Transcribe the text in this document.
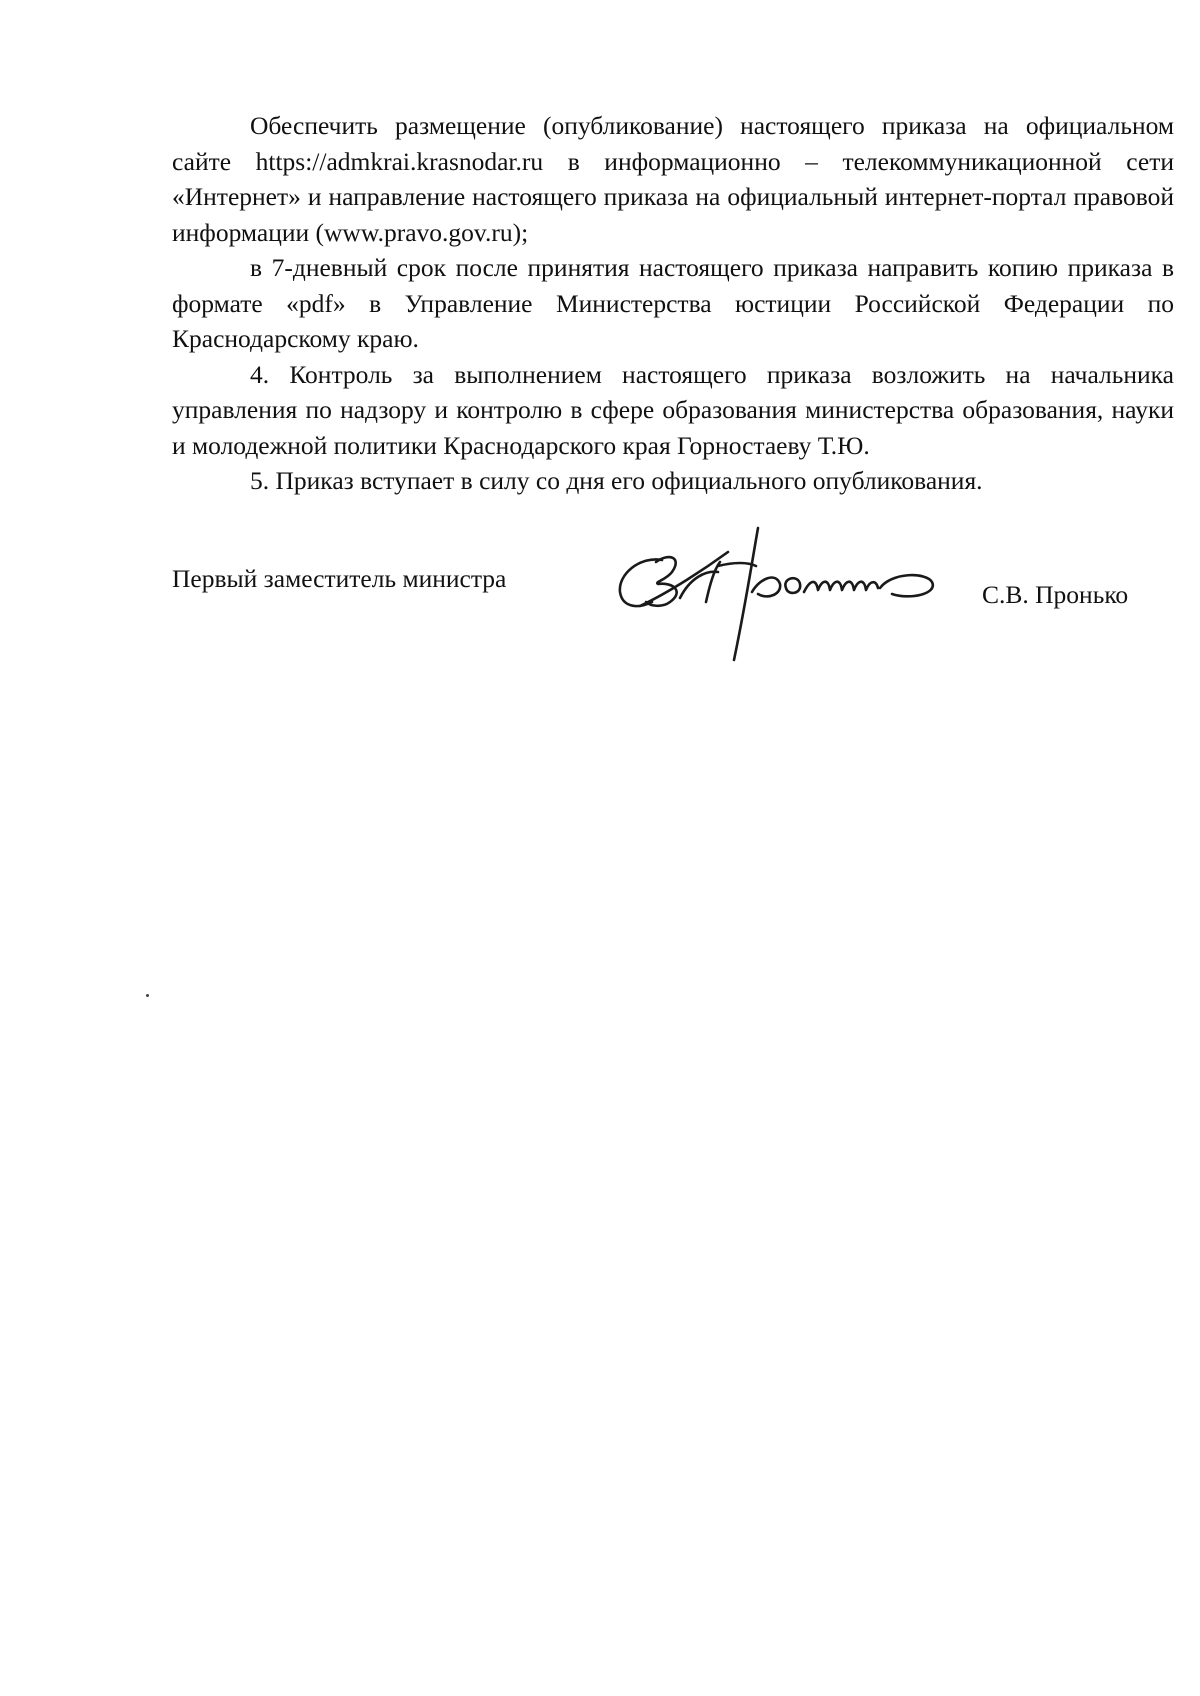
Обеспечить размещение (опубликование) настоящего приказа на официальном сайте https://admkrai.krasnodar.ru в информационно – телекоммуникационной сети «Интернет» и направление настоящего приказа на официальный интернет-портал правовой информации (www.pravo.gov.ru);

в 7-дневный срок после принятия настоящего приказа направить копию приказа в формате «pdf» в Управление Министерства юстиции Российской Федерации по Краснодарскому краю.

4. Контроль за выполнением настоящего приказа возложить на начальника управления по надзору и контролю в сфере образования министерства образования, науки и молодежной политики Краснодарского края Горностаеву Т.Ю.

5. Приказ вступает в силу со дня его официального опубликования.

Первый заместитель министра
С.В. Пронько
